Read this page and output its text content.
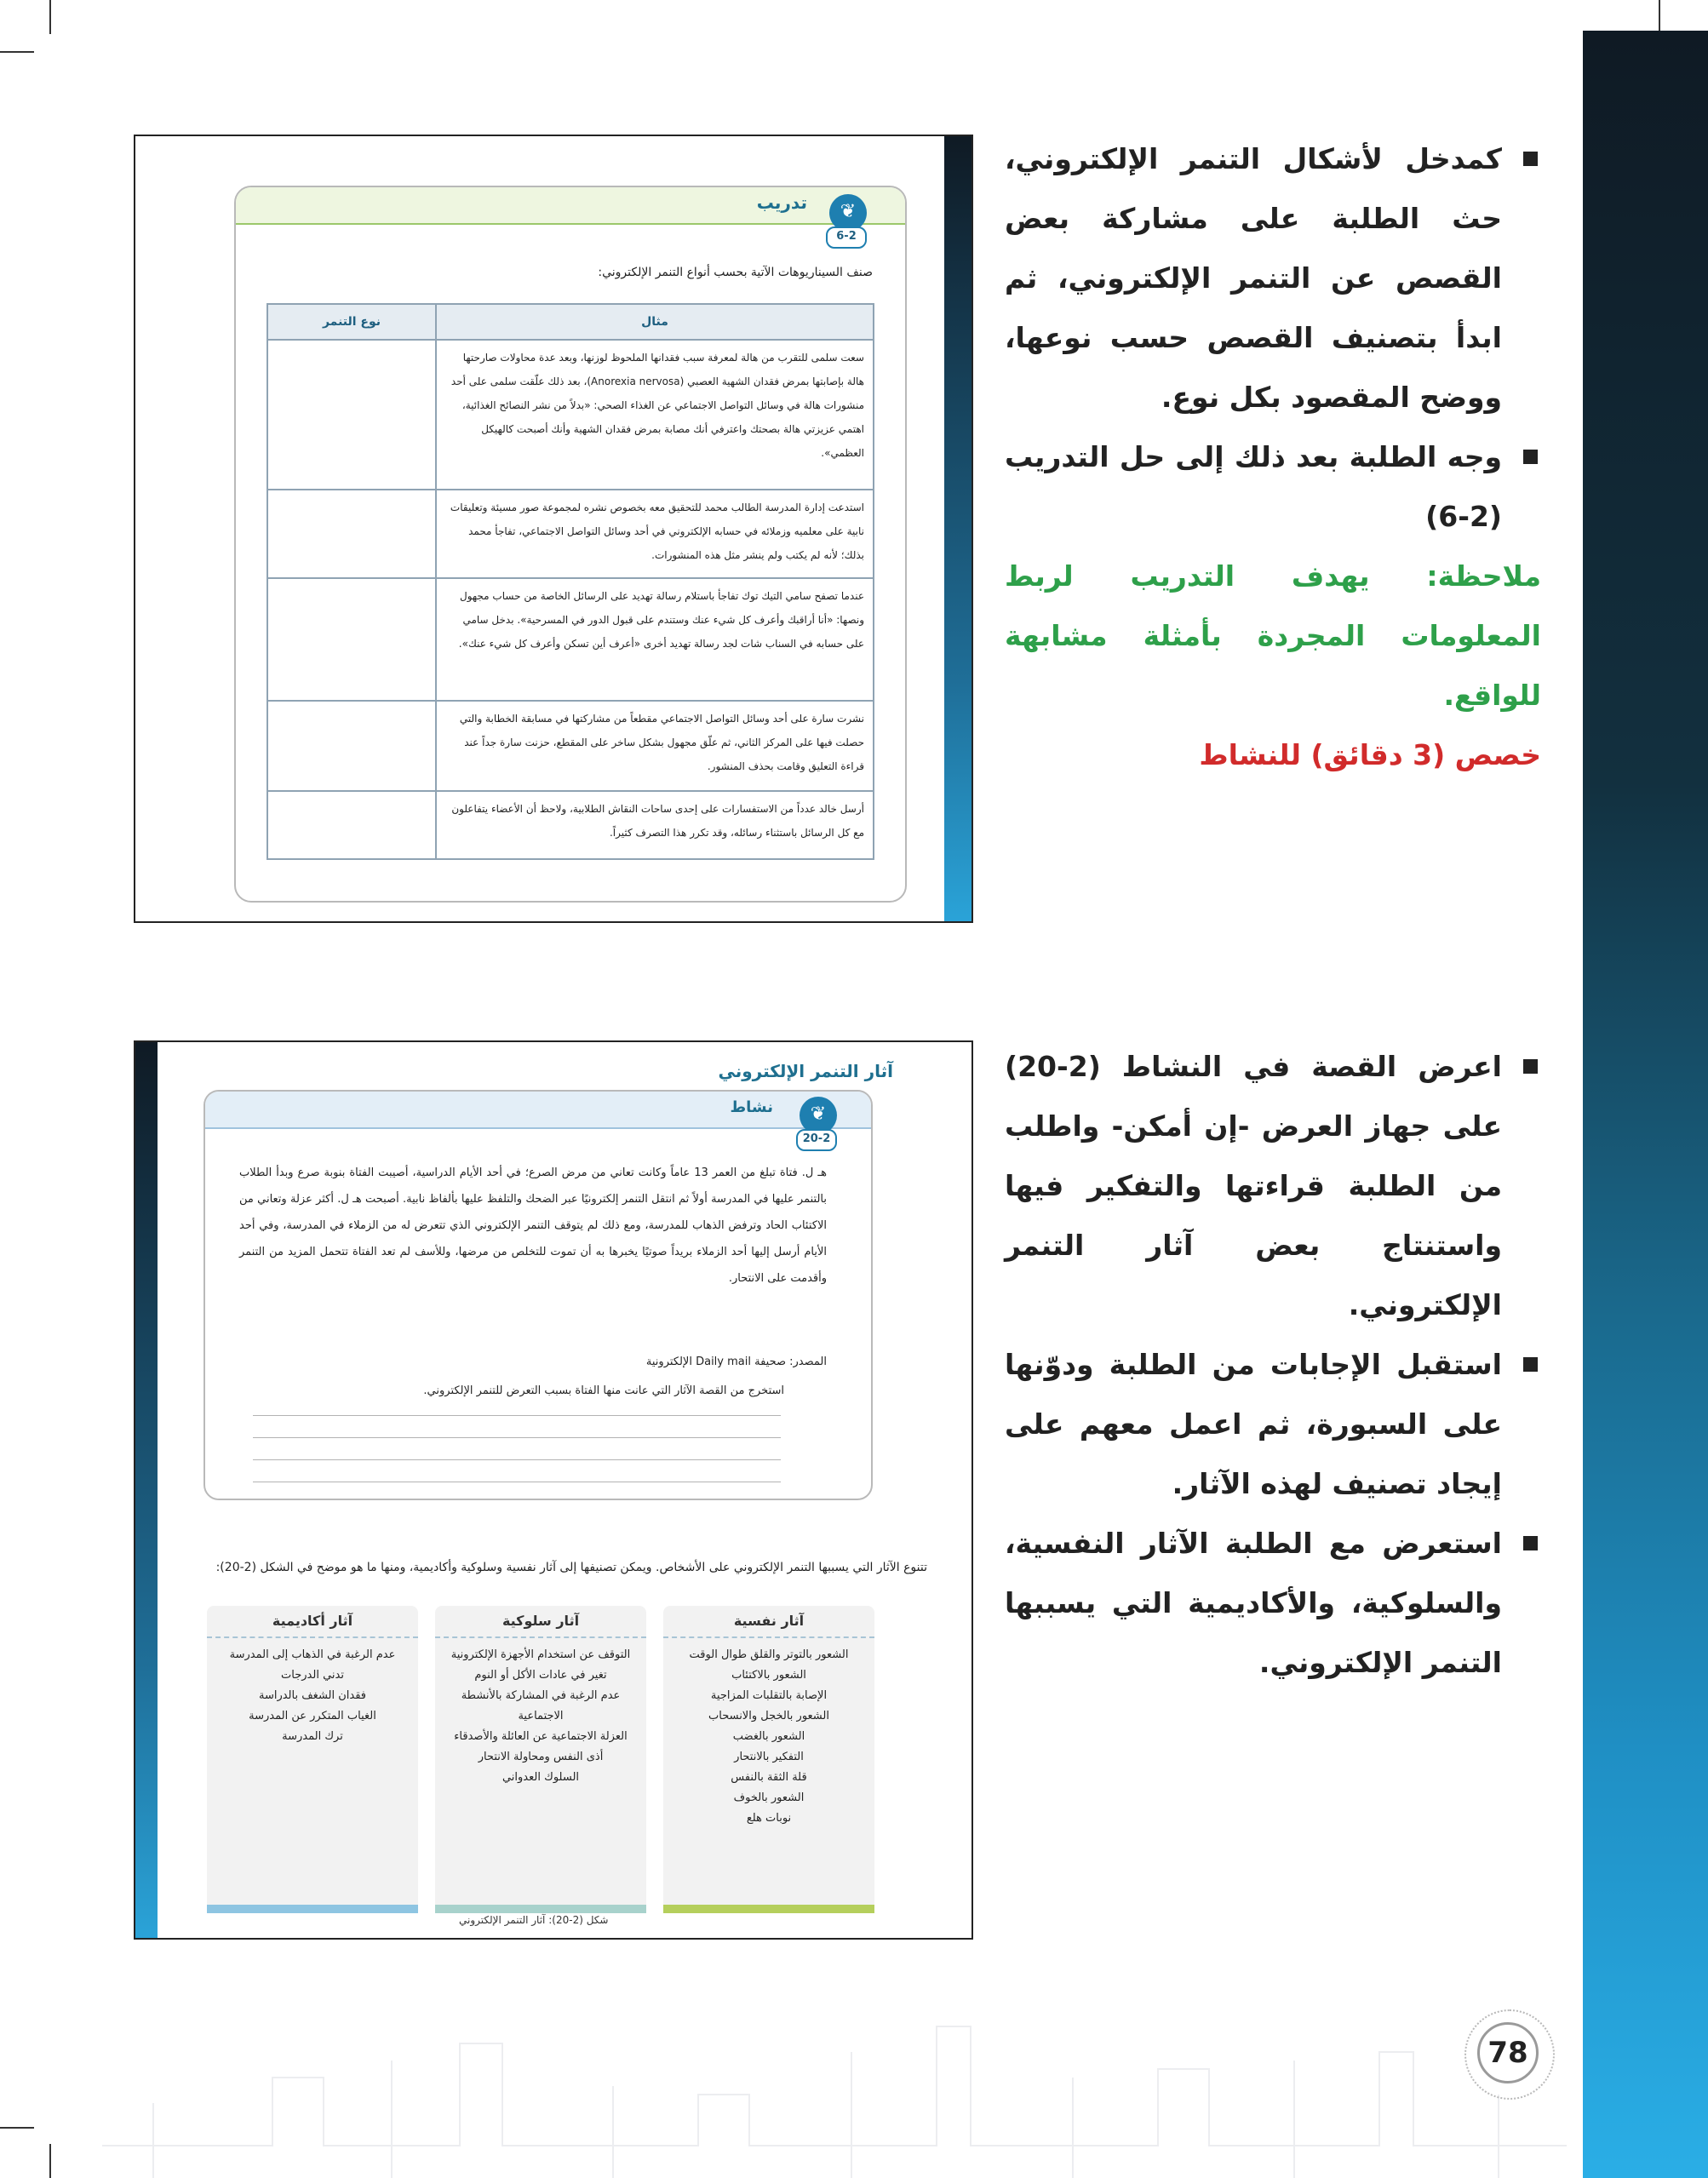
78
كمدخل لأشكال التنمر الإلكتروني، حث الطلبة على مشاركة بعض القصص عن التنمر الإلكتروني، ثم ابدأ بتصنيف القصص حسب نوعها، ووضح المقصود بكل نوع.
وجه الطلبة بعد ذلك إلى حل التدريب (2-6)
ملاحظة: يهدف التدريب لربط المعلومات المجردة بأمثلة مشابهة للواقع.
خصص (3 دقائق) للنشاط
تدريب	❦
6-2
صنف السيناريوهات الآتية بحسب أنواع التنمر الإلكتروني:
مثال	نوع التنمر
سعت سلمى للتقرب من هالة لمعرفة سبب فقدانها الملحوظ لوزنها، وبعد عدة محاولات صارحتها هالة بإصابتها بمرض فقدان الشهية العصبي (Anorexia nervosa)، بعد ذلك علّقت سلمى على أحد منشورات هالة في وسائل التواصل الاجتماعي عن الغذاء الصحي: «بدلاً من نشر النصائح الغذائية، اهتمي عزيزتي هالة بصحتك واعترفي أنك مصابة بمرض فقدان الشهية وأنك أصبحت كالهيكل العظمي».	
استدعت إدارة المدرسة الطالب محمد للتحقيق معه بخصوص نشره لمجموعة صور مسيئة وتعليقات نابية على معلميه وزملائه في حسابه الإلكتروني في أحد وسائل التواصل الاجتماعي، تفاجأ محمد بذلك؛ لأنه لم يكتب ولم ينشر مثل هذه المنشورات.	
عندما تصفح سامي التيك توك تفاجأ باستلام رسالة تهديد على الرسائل الخاصة من حساب مجهول ونصها: «أنا أراقبك وأعرف كل شيء عنك وستندم على قبول الدور في المسرحية». بدخل سامي على حسابه في السناب شات لجد رسالة تهديد أخرى «أعرف أين تسكن وأعرف كل شيء عنك».	
نشرت سارة على أحد وسائل التواصل الاجتماعي مقطعاً من مشاركتها في مسابقة الخطابة والتي حصلت فيها على المركز الثاني، ثم علّق مجهول بشكل ساخر على المقطع، حزنت سارة جداً عند قراءة التعليق وقامت بحذف المنشور.	
أرسل خالد عدداً من الاستفسارات على إحدى ساحات النقاش الطلابية، ولاحظ أن الأعضاء يتفاعلون مع كل الرسائل باستثناء رسائله، وقد تكرر هذا التصرف كثيراً.	
اعرض القصة في النشاط (2-20) على جهاز العرض -إن أمكن- واطلب من الطلبة قراءتها والتفكير فيها واستنتاج بعض آثار التنمر الإلكتروني.
استقبل الإجابات من الطلبة ودوّنها على السبورة، ثم اعمل معهم على إيجاد تصنيف لهذه الآثار.
استعرض مع الطلبة الآثار النفسية، والسلوكية، والأكاديمية التي يسببها التنمر الإلكتروني.
آثار التنمر الإلكتروني
نشاط	❦
20-2
هـ ل. فتاة تبلغ من العمر 13 عاماً وكانت تعاني من مرض الصرع؛ في أحد الأيام الدراسية، أصيبت الفتاة بنوبة صرع وبدأ الطلاب بالتنمر عليها في المدرسة أولاً ثم انتقل التنمر إلكترونيًا عبر الضحك والتلفظ عليها بألفاظ نابية. أصبحت هـ ل. أكثر عزلة وتعاني من الاكتئاب الحاد وترفض الذهاب للمدرسة، ومع ذلك لم يتوقف التنمر الإلكتروني الذي تتعرض له من الزملاء في المدرسة، وفي أحد الأيام أرسل إليها أحد الزملاء بريداً صوتيًا يخبرها به أن تموت للتخلص من مرضها، وللأسف لم تعد الفتاة تتحمل المزيد من التنمر وأقدمت على الانتحار.
المصدر: صحيفة Daily mail الإلكترونية
استخرج من القصة الآثار التي عانت منها الفتاة بسبب التعرض للتنمر الإلكتروني.
تتنوع الآثار التي يسببها التنمر الإلكتروني على الأشخاص. ويمكن تصنيفها إلى آثار نفسية وسلوكية وأكاديمية، ومنها ما هو موضح في الشكل (2-20):
آثار نفسية
الشعور بالتوتر والقلق طوال الوقت
الشعور بالاكتئاب
الإصابة بالتقلبات المزاجية
الشعور بالخجل والانسحاب
الشعور بالغضب
التفكير بالانتحار
قلة الثقة بالنفس
الشعور بالخوف
نوبات هلع
آثار سلوكية
التوقف عن استخدام الأجهزة الإلكترونية
تغير في عادات الأكل أو النوم
عدم الرغبة في المشاركة بالأنشطة الاجتماعية
العزلة الاجتماعية عن العائلة والأصدقاء
أذى النفس ومحاولة الانتحار
السلوك العدواني
آثار أكاديمية
عدم الرغبة في الذهاب إلى المدرسة
تدني الدرجات
فقدان الشغف بالدراسة
الغياب المتكرر عن المدرسة
ترك المدرسة
شكل (2-20): آثار التنمر الإلكتروني
